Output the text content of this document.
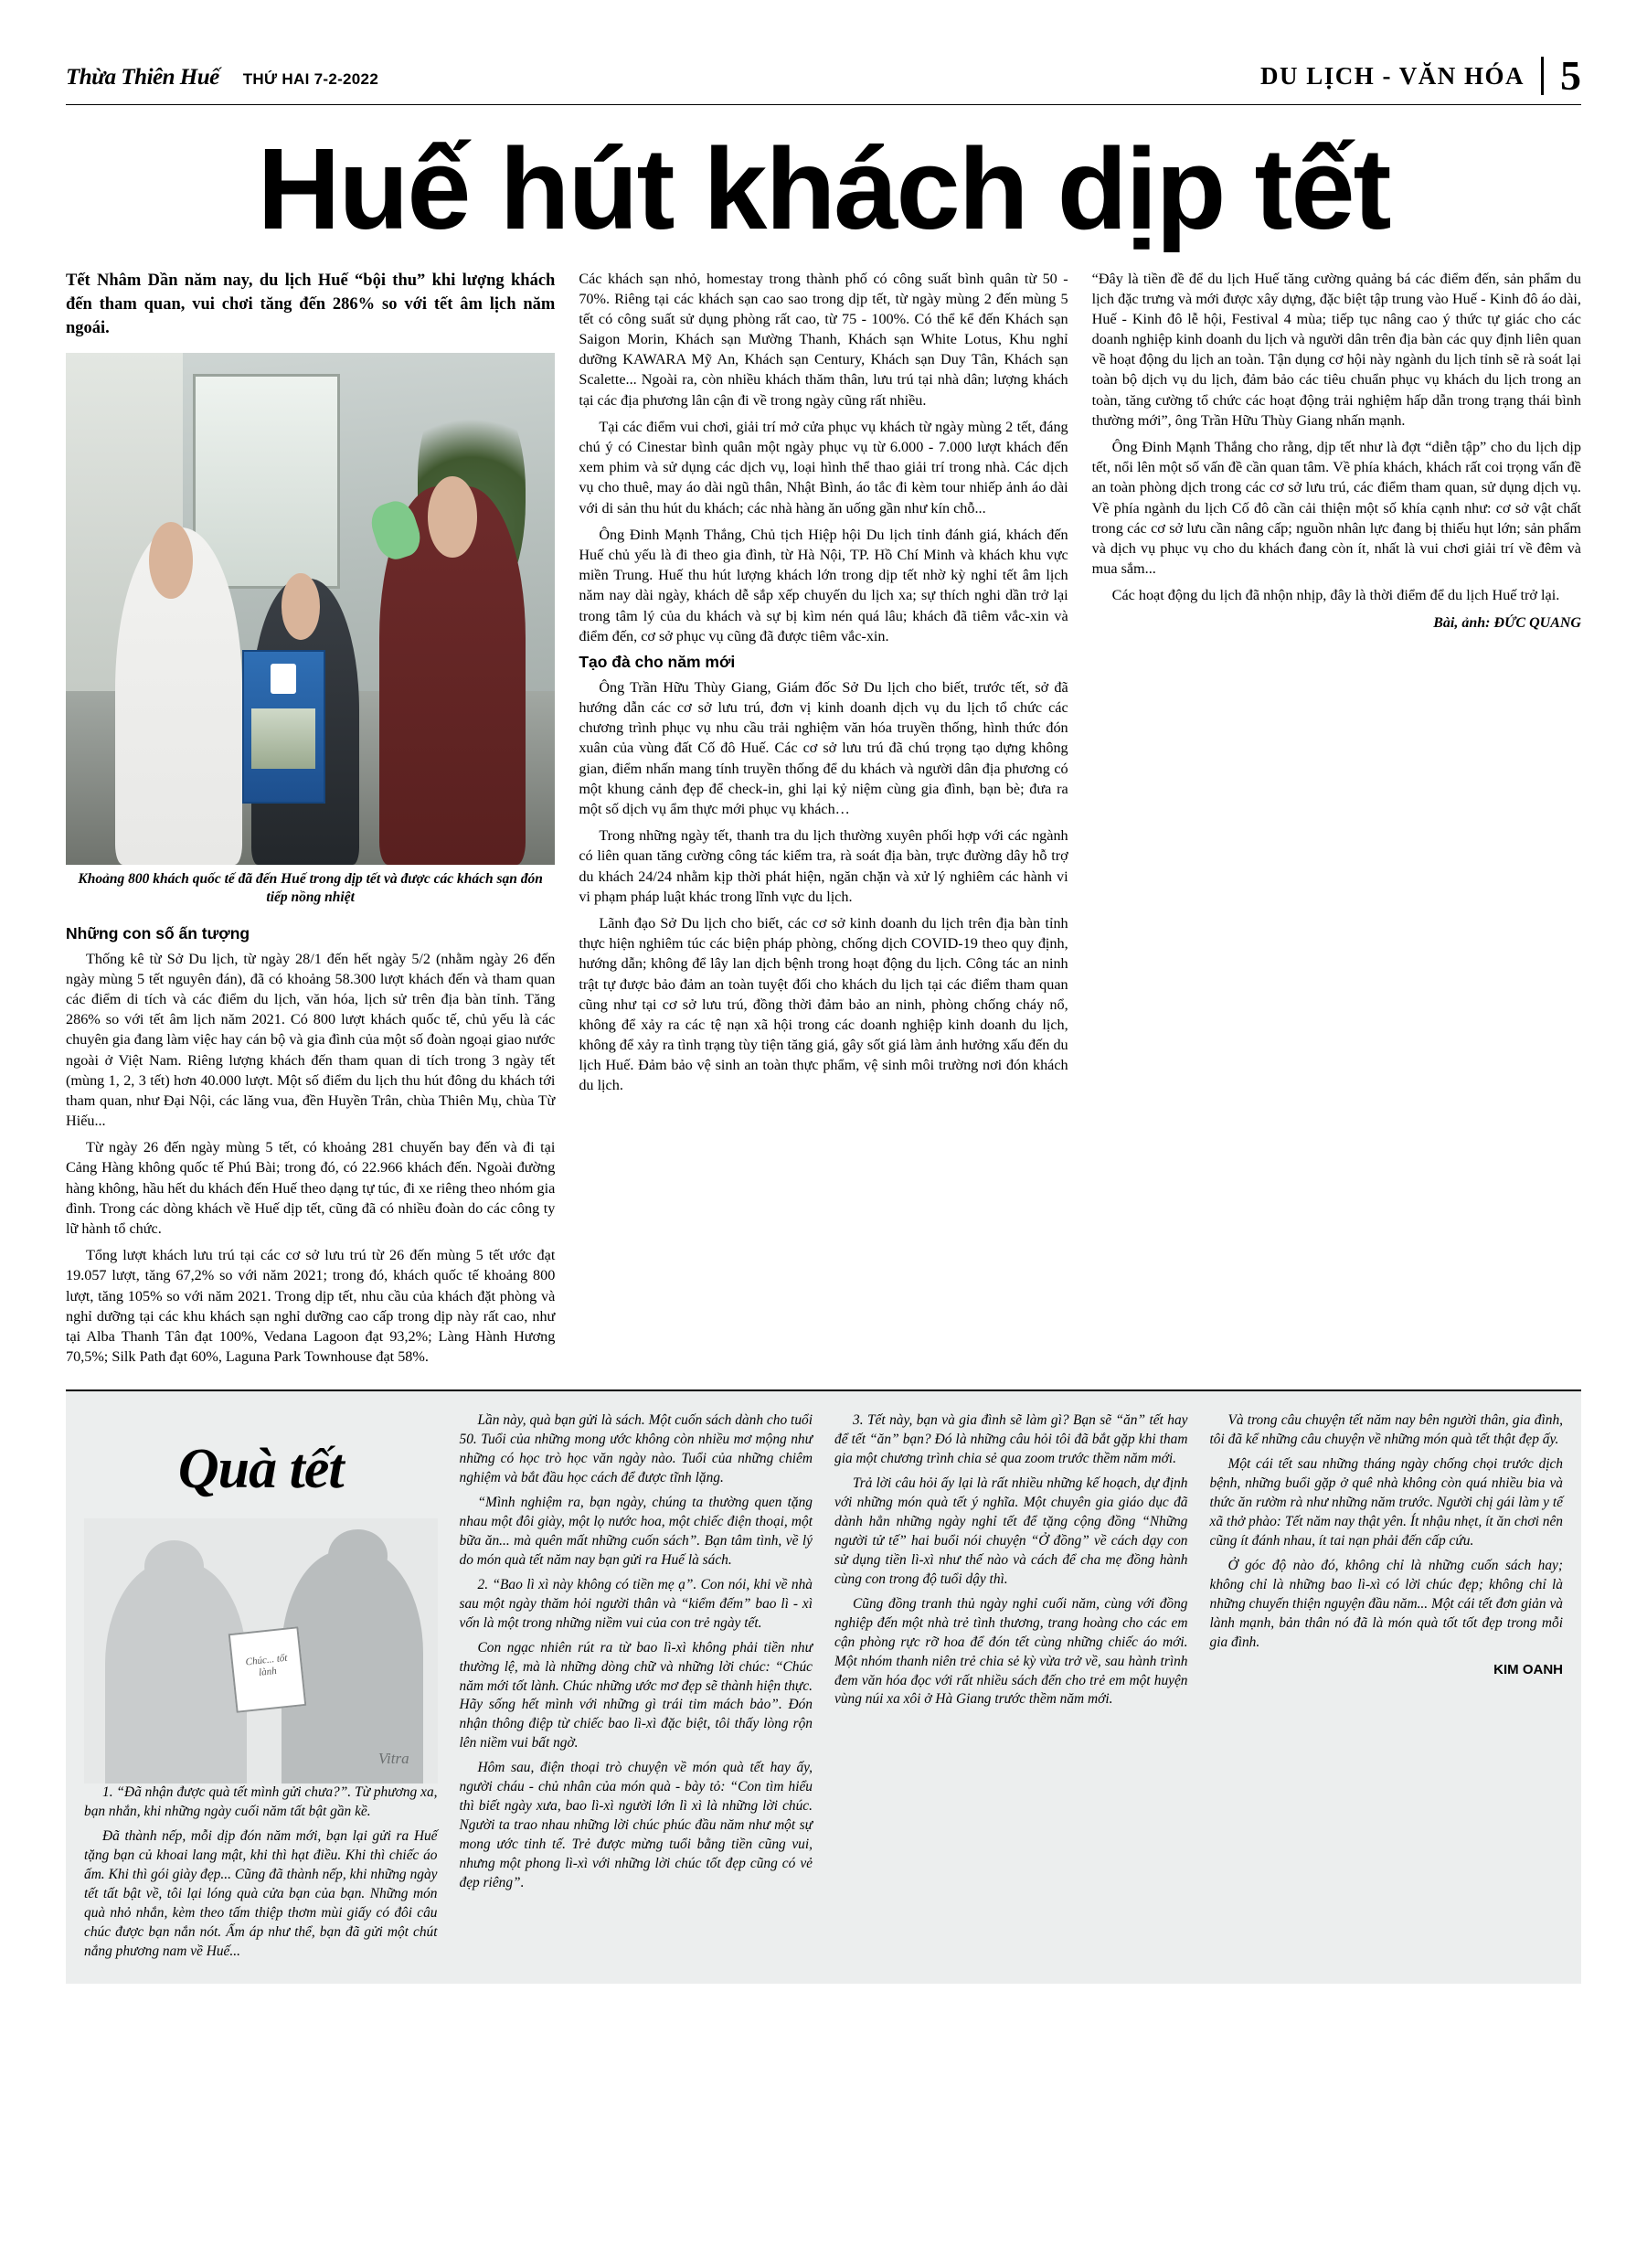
Thừa Thiên Huế THỨ HAI 7-2-2022	DU LỊCH - VĂN HÓA 5
Huế hút khách dịp tết

Tết Nhâm Dần năm nay, du lịch Huế “bội thu” khi lượng khách đến tham quan, vui chơi tăng đến 286% so với tết âm lịch năm ngoái.

Khoảng 800 khách quốc tế đã đến Huế trong dịp tết và được các khách sạn đón tiếp nồng nhiệt
Những con số ấn tượng

Thống kê từ Sở Du lịch, từ ngày 28/1 đến hết ngày 5/2 (nhằm ngày 26 đến ngày mùng 5 tết nguyên đán), đã có khoảng 58.300 lượt khách đến và tham quan các điểm di tích và các điểm du lịch, văn hóa, lịch sử trên địa bàn tỉnh. Tăng 286% so với tết âm lịch năm 2021. Có 800 lượt khách quốc tế, chủ yếu là các chuyên gia đang làm việc hay cán bộ và gia đình của một số đoàn ngoại giao nước ngoài ở Việt Nam. Riêng lượng khách đến tham quan di tích trong 3 ngày tết (mùng 1, 2, 3 tết) hơn 40.000 lượt. Một số điểm du lịch thu hút đông du khách tới tham quan, như Đại Nội, các lăng vua, đền Huyền Trân, chùa Thiên Mụ, chùa Từ Hiếu...

Từ ngày 26 đến ngày mùng 5 tết, có khoảng 281 chuyến bay đến và đi tại Cảng Hàng không quốc tế Phú Bài; trong đó, có 22.966 khách đến. Ngoài đường hàng không, hầu hết du khách đến Huế theo dạng tự túc, đi xe riêng theo nhóm gia đình. Trong các dòng khách về Huế dịp tết, cũng đã có nhiều đoàn do các công ty lữ hành tổ chức.

Tổng lượt khách lưu trú tại các cơ sở lưu trú từ 26 đến mùng 5 tết ước đạt 19.057 lượt, tăng 67,2% so với năm 2021; trong đó, khách quốc tế khoảng 800 lượt, tăng 105% so với năm 2021. Trong dịp tết, nhu cầu của khách đặt phòng và nghỉ dưỡng tại các khu khách sạn nghỉ dưỡng cao cấp trong dịp này rất cao, như tại Alba Thanh Tân đạt 100%, Vedana Lagoon đạt 93,2%; Làng Hành Hương 70,5%; Silk Path đạt 60%, Laguna Park Townhouse đạt 58%.

Các khách sạn nhỏ, homestay trong thành phố có công suất bình quân từ 50 - 70%. Riêng tại các khách sạn cao sao trong dịp tết, từ ngày mùng 2 đến mùng 5 tết có công suất sử dụng phòng rất cao, từ 75 - 100%. Có thể kể đến Khách sạn Saigon Morin, Khách sạn Mường Thanh, Khách sạn White Lotus, Khu nghỉ dưỡng KAWARA Mỹ An, Khách sạn Century, Khách sạn Duy Tân, Khách sạn Scalette... Ngoài ra, còn nhiều khách thăm thân, lưu trú tại nhà dân; lượng khách tại các địa phương lân cận đi về trong ngày cũng rất nhiều.

Tại các điểm vui chơi, giải trí mở cửa phục vụ khách từ ngày mùng 2 tết, đáng chú ý có Cinestar bình quân một ngày phục vụ từ 6.000 - 7.000 lượt khách đến xem phim và sử dụng các dịch vụ, loại hình thể thao giải trí trong nhà. Các dịch vụ cho thuê, may áo dài ngũ thân, Nhật Bình, áo tắc đi kèm tour nhiếp ảnh áo dài với di sản thu hút du khách; các nhà hàng ăn uống gần như kín chỗ...

Ông Đinh Mạnh Thắng, Chủ tịch Hiệp hội Du lịch tỉnh đánh giá, khách đến Huế chủ yếu là đi theo gia đình, từ Hà Nội, TP. Hồ Chí Minh và khách khu vực miền Trung. Huế thu hút lượng khách lớn trong dịp tết nhờ kỳ nghỉ tết âm lịch năm nay dài ngày, khách dễ sắp xếp chuyến du lịch xa; sự thích nghi dần trở lại trong tâm lý của du khách và sự bị kìm nén quá lâu; khách đã tiêm vắc-xin và điểm đến, cơ sở phục vụ cũng đã được tiêm vắc-xin.

Tạo đà cho năm mới

Ông Trần Hữu Thùy Giang, Giám đốc Sở Du lịch cho biết, trước tết, sở đã hướng dẫn các cơ sở lưu trú, đơn vị kinh doanh dịch vụ du lịch tổ chức các chương trình phục vụ nhu cầu trải nghiệm văn hóa truyền thống, hình thức đón xuân của vùng đất Cố đô Huế. Các cơ sở lưu trú đã chú trọng tạo dựng không gian, điểm nhấn mang tính truyền thống để du khách và người dân địa phương có một khung cảnh đẹp để check-in, ghi lại kỷ niệm cùng gia đình, bạn bè; đưa ra một số dịch vụ ẩm thực mới phục vụ khách…

Trong những ngày tết, thanh tra du lịch thường xuyên phối hợp với các ngành có liên quan tăng cường công tác kiểm tra, rà soát địa bàn, trực đường dây hỗ trợ du khách 24/24 nhằm kịp thời phát hiện, ngăn chặn và xử lý nghiêm các hành vi vi phạm pháp luật khác trong lĩnh vực du lịch.

Lãnh đạo Sở Du lịch cho biết, các cơ sở kinh doanh du lịch trên địa bàn tỉnh thực hiện nghiêm túc các biện pháp phòng, chống dịch COVID-19 theo quy định, hướng dẫn; không để lây lan dịch bệnh trong hoạt động du lịch. Công tác an ninh trật tự được bảo đảm an toàn tuyệt đối cho khách du lịch tại các điểm tham quan cũng như tại cơ sở lưu trú, đồng thời đảm bảo an ninh, phòng chống cháy nổ, không để xảy ra các tệ nạn xã hội trong các doanh nghiệp kinh doanh du lịch, không để xảy ra tình trạng tùy tiện tăng giá, gây sốt giá làm ảnh hưởng xấu đến du lịch Huế. Đảm bảo vệ sinh an toàn thực phẩm, vệ sinh môi trường nơi đón khách du lịch.

“Đây là tiền đề để du lịch Huế tăng cường quảng bá các điểm đến, sản phẩm du lịch đặc trưng và mới được xây dựng, đặc biệt tập trung vào Huế - Kinh đô áo dài, Huế - Kinh đô lễ hội, Festival 4 mùa; tiếp tục nâng cao ý thức tự giác cho các doanh nghiệp kinh doanh du lịch và người dân trên địa bàn các quy định liên quan về hoạt động du lịch an toàn. Tận dụng cơ hội này ngành du lịch tỉnh sẽ rà soát lại toàn bộ dịch vụ du lịch, đảm bảo các tiêu chuẩn phục vụ khách du lịch trong an toàn, tăng cường tổ chức các hoạt động trải nghiệm hấp dẫn trong trạng thái bình thường mới”, ông Trần Hữu Thùy Giang nhấn mạnh.

Ông Đinh Mạnh Thắng cho rằng, dịp tết như là đợt “diễn tập” cho du lịch dịp tết, nổi lên một số vấn đề cần quan tâm. Về phía khách, khách rất coi trọng vấn đề an toàn phòng dịch trong các cơ sở lưu trú, các điểm tham quan, sử dụng dịch vụ. Về phía ngành du lịch Cố đô cần cải thiện một số khía cạnh như: cơ sở vật chất trong các cơ sở lưu cần nâng cấp; nguồn nhân lực đang bị thiếu hụt lớn; sản phẩm và dịch vụ phục vụ cho du khách đang còn ít, nhất là vui chơi giải trí về đêm và mua sắm...

Các hoạt động du lịch đã nhộn nhịp, đây là thời điểm để du lịch Huế trở lại.

Bài, ảnh: ĐỨC QUANG
Quà tết
Chúc... tốt lành
Vitra

1. “Đã nhận được quà tết mình gửi chưa?”. Từ phương xa, bạn nhắn, khi những ngày cuối năm tất bật gần kề.

Đã thành nếp, mỗi dịp đón năm mới, bạn lại gửi ra Huế tặng bạn củ khoai lang mật, khi thì hạt điều. Khi thì chiếc áo ấm. Khi thì gói giày đẹp... Cũng đã thành nếp, khi những ngày tết tất bật về, tôi lại lóng quà cửa bạn của bạn. Những món quà nhỏ nhắn, kèm theo tấm thiệp thơm mùi giấy có đôi câu chúc được bạn nắn nót. Ấm áp như thể, bạn đã gửi một chút nắng phương nam về Huế...

Lần này, quà bạn gửi là sách. Một cuốn sách dành cho tuổi 50. Tuổi của những mong ước không còn nhiều mơ mộng như những có học trò học văn ngày nào. Tuổi của những chiêm nghiệm và bắt đầu học cách để được tĩnh lặng.

“Mình nghiệm ra, bạn ngày, chúng ta thường quen tặng nhau một đôi giày, một lọ nước hoa, một chiếc điện thoại, một bữa ăn... mà quên mất những cuốn sách”. Bạn tâm tình, về lý do món quà tết năm nay bạn gửi ra Huế là sách.

2. “Bao lì xì này không có tiền mẹ ạ”. Con nói, khi về nhà sau một ngày thăm hỏi người thân và “kiểm đếm” bao lì - xì vốn là một trong những niềm vui của con trẻ ngày tết.

Con ngạc nhiên rút ra từ bao lì-xì không phải tiền như thường lệ, mà là những dòng chữ và những lời chúc: “Chúc năm mới tốt lành. Chúc những ước mơ đẹp sẽ thành hiện thực. Hãy sống hết mình với những gì trái tim mách bảo”. Đón nhận thông điệp từ chiếc bao lì-xì đặc biệt, tôi thấy lòng rộn lên niềm vui bất ngờ.

Hôm sau, điện thoại trò chuyện về món quà tết hay ấy, người cháu - chủ nhân của món quà - bày tỏ: “Con tìm hiểu thì biết ngày xưa, bao lì-xì người lớn lì xì là những lời chúc. Người ta trao nhau những lời chúc phúc đầu năm như một sự mong ước tinh tế. Trẻ được mừng tuổi bằng tiền cũng vui, nhưng một phong lì-xì với những lời chúc tốt đẹp cũng có vẻ đẹp riêng”.

3. Tết này, bạn và gia đình sẽ làm gì? Bạn sẽ “ăn” tết hay để tết “ăn” bạn? Đó là những câu hỏi tôi đã bắt gặp khi tham gia một chương trình chia sẻ qua zoom trước thềm năm mới.

Trả lời câu hỏi ấy lại là rất nhiều những kế hoạch, dự định với những món quà tết ý nghĩa. Một chuyên gia giáo dục đã dành hẳn những ngày nghỉ tết để tặng cộng đồng “Những người tử tế” hai buổi nói chuyện “Ở đồng” về cách dạy con sử dụng tiền lì-xì như thế nào và cách để cha mẹ đồng hành cùng con trong độ tuổi dậy thì.

Cũng đồng tranh thủ ngày nghỉ cuối năm, cùng với đồng nghiệp đến một nhà trẻ tình thương, trang hoàng cho các em cận phòng rực rỡ hoa để đón tết cùng những chiếc áo mới. Một nhóm thanh niên trẻ chia sẻ kỳ vừa trở về, sau hành trình đem văn hóa đọc với rất nhiều sách đến cho trẻ em một huyện vùng núi xa xôi ở Hà Giang trước thềm năm mới.

Và trong câu chuyện tết năm nay bên người thân, gia đình, tôi đã kể những câu chuyện về những món quà tết thật đẹp ấy.

Một cái tết sau những tháng ngày chống chọi trước dịch bệnh, những buổi gặp ở quê nhà không còn quá nhiều bia và thức ăn rườm rà như những năm trước. Người chị gái làm y tế xã thở phào: Tết năm nay thật yên. Ít nhậu nhẹt, ít ăn chơi nên cũng ít đánh nhau, ít tai nạn phải đến cấp cứu.

Ở góc độ nào đó, không chỉ là những cuốn sách hay; không chỉ là những bao lì-xì có lời chúc đẹp; không chỉ là những chuyến thiện nguyện đầu năm... Một cái tết đơn giản và lành mạnh, bản thân nó đã là món quà tốt tốt đẹp trong mỗi gia đình.

KIM OANH
